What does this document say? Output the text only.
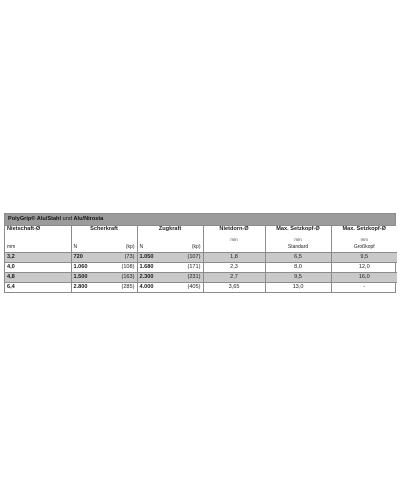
PolyGrip® Alu/Stahl und Alu/Nirosta
Nietschaft-Ø	Scherkraft		Zugkraft		Nietdorn-Ø	Max. Setzkopf-Ø	Max. Setzkopf-Ø
					mm	mm	mm
mm	N	(kp)	N	(kp)		Standard	Großkopf
3,2	720	(73)	1.050	(107)	1,8	6,5	9,5
4,0	1.060	(108)	1.680	(171)	2,3	8,0	12,0
4,8	1.500	(163)	2.300	(231)	2,7	9,5	16,0
6,4	2.800	(285)	4.000	(405)	3,65	13,0	-
